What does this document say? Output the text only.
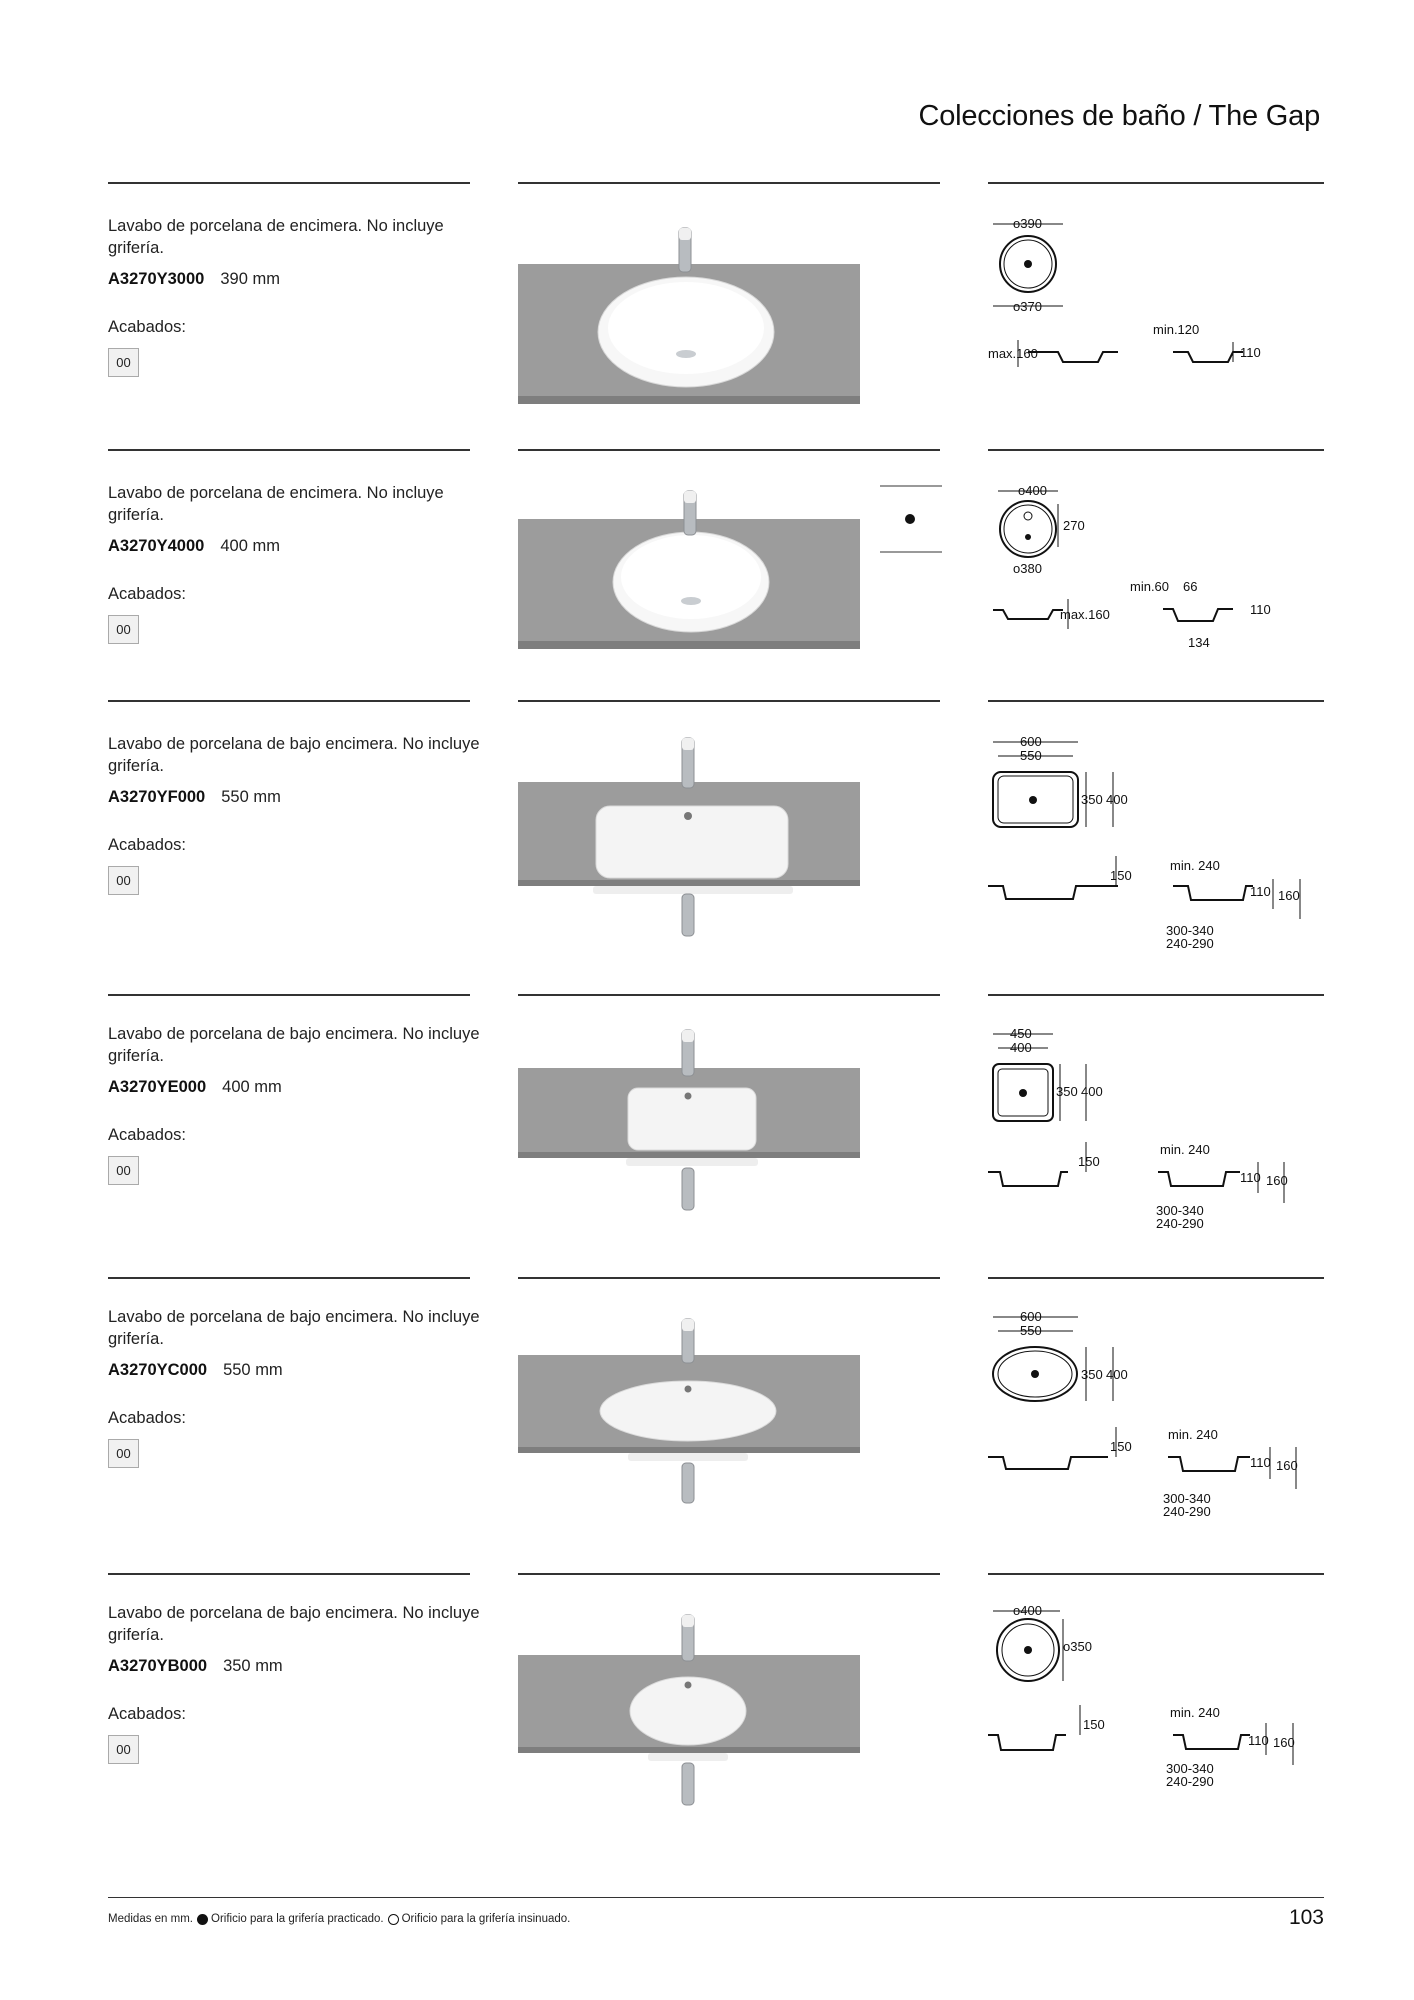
Colecciones de baño / The Gap

Lavabo de porcelana de encimera. No incluye grifería.

A3270Y3000 390 mm
Acabados:
00
o390
o370
max.160
min.120
110

Lavabo de porcelana de encimera. No incluye grifería.

A3270Y4000 400 mm
Acabados:
00
o400
270
o380
max.160
min.60 66
110
134

Lavabo de porcelana de bajo encimera. No incluye grifería.

A3270YF000 550 mm
Acabados:
00
600
550
350 400
150
min. 240
110 160
300-340
240-290

Lavabo de porcelana de bajo encimera. No incluye grifería.

A3270YE000 400 mm
Acabados:
00
450
400
350 400
150
min. 240
110 160
300-340
240-290

Lavabo de porcelana de bajo encimera. No incluye grifería.

A3270YC000 550 mm
Acabados:
00
600
550
350 400
150
min. 240
110 160
300-340
240-290

Lavabo de porcelana de bajo encimera. No incluye grifería.

A3270YB000 350 mm
Acabados:
00
o400
o350
150
min. 240
110 160
300-340
240-290
Medidas en mm. Orificio para la grifería practicado. Orificio para la grifería insinuado.	103
